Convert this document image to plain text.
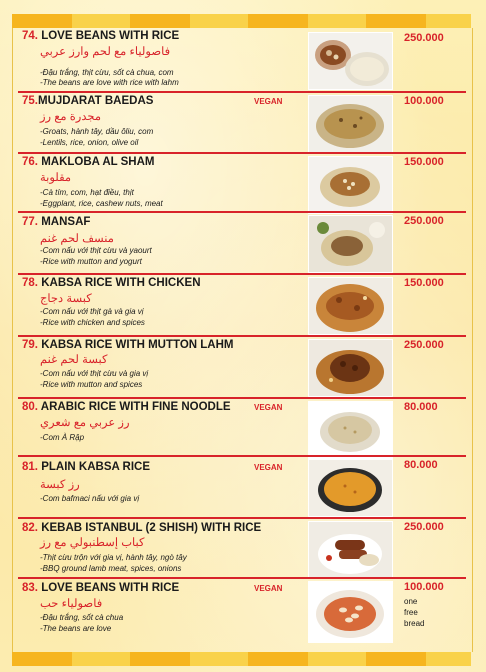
74. LOVE BEANS WITH RICE
فاصولياء مع لحم وارز عربي
-Đậu trắng, thịt cừu, sốt cà chua, com
-The beans are love with rice with lahm
250.000
75.MUJDARAT BAEDAS
مجدرة مع رز
-Groats, hành tây, dầu ôliu, com
-Lentils, rice, onion, olive oil
VEGAN	100.000
76. MAKLOBA AL SHAM
مقلوبة
-Cà tím, com, hạt điều, thịt
-Eggplant, rice, cashew nuts, meat
150.000
77. MANSAF
منسف لحم غنم
-Com nấu với thịt cừu và yaourt
-Rice with mutton and yogurt
250.000
78. KABSA RICE WITH CHICKEN
كبسة دجاج
-Com nấu với thịt gà và gia vị
-Rice with chicken and spices
150.000
79. KABSA RICE WITH MUTTON LAHM
كبسة لحم غنم
-Com nấu với thịt cừu và gia vị
-Rice with mutton and spices
250.000
80. ARABIC RICE WITH FINE NOODLE
رز عربي مع شعري
-Com À Rập
VEGAN	80.000
81. PLAIN KABSA RICE
رز كبسة
-Com bafmaci nấu với gia vị
VEGAN	80.000
82. KEBAB ISTANBUL (2 SHISH) WITH RICE
كباب إسطنبولي مع رز
-Thịt cừu trộn với gia vị, hành tây, ngò tây
-BBQ ground lamb meat, spices, onions
250.000
83. LOVE BEANS WITH RICE
فاصولياء حب
-Đậu trắng, sốt cà chua
-The beans are love
VEGAN	100.000
one
free
bread
